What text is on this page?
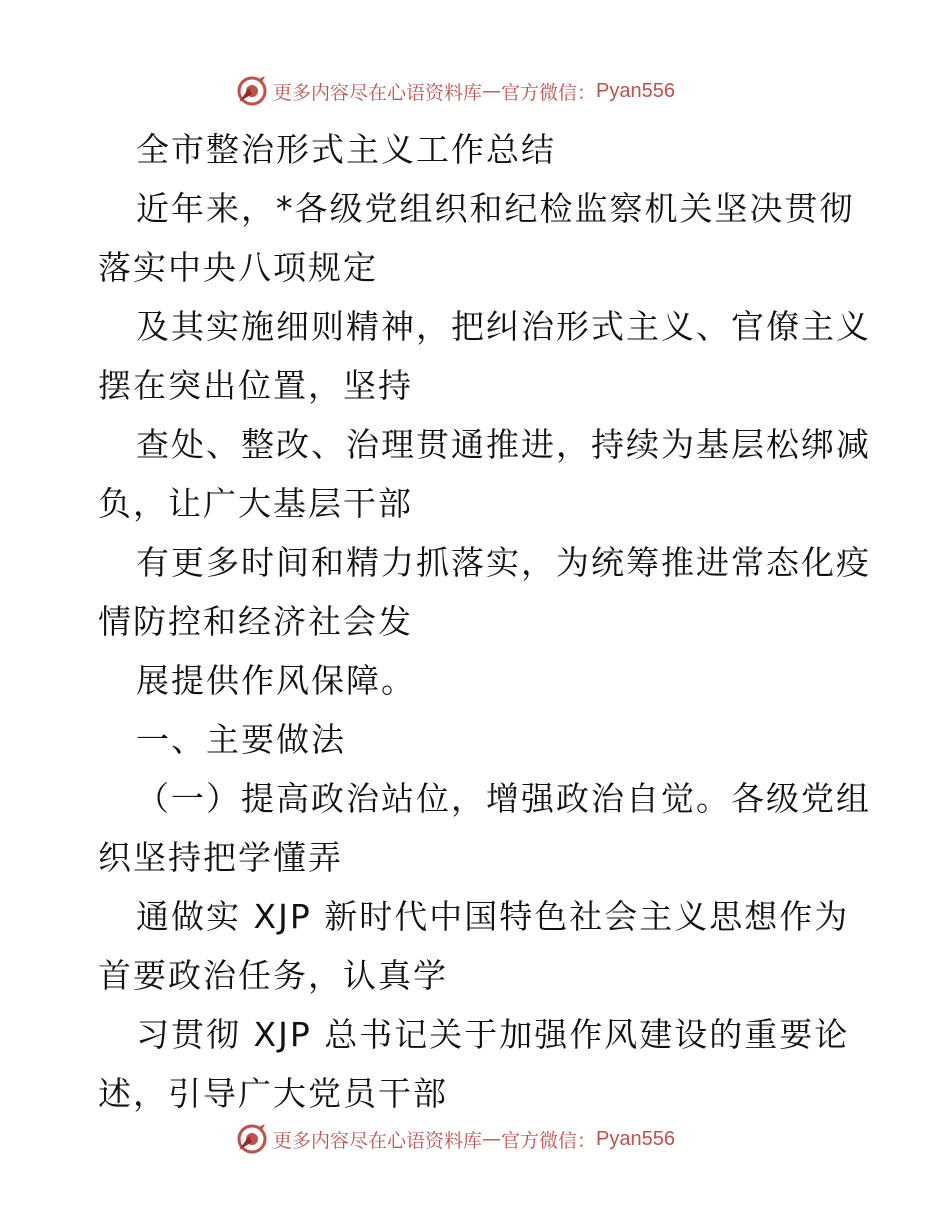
更多内容尽在心语资料库 — 官方微信： Pyan556
全市整治形式主义工作总结
近年来，*各级党组织和纪检监察机关坚决贯彻
落实中央八项规定
及其实施细则精神，把纠治形式主义、官僚主义
摆在突出位置，坚持
查处、整改、治理贯通推进，持续为基层松绑减
负，让广大基层干部
有更多时间和精力抓落实，为统筹推进常态化疫
情防控和经济社会发
展提供作风保障。
一、主要做法
（一）提高政治站位，增强政治自觉。各级党组
织坚持把学懂弄
通做实 XJP 新时代中国特色社会主义思想作为
首要政治任务，认真学
习贯彻 XJP 总书记关于加强作风建设的重要论
述，引导广大党员干部
更多内容尽在心语资料库 — 官方微信： Pyan556
